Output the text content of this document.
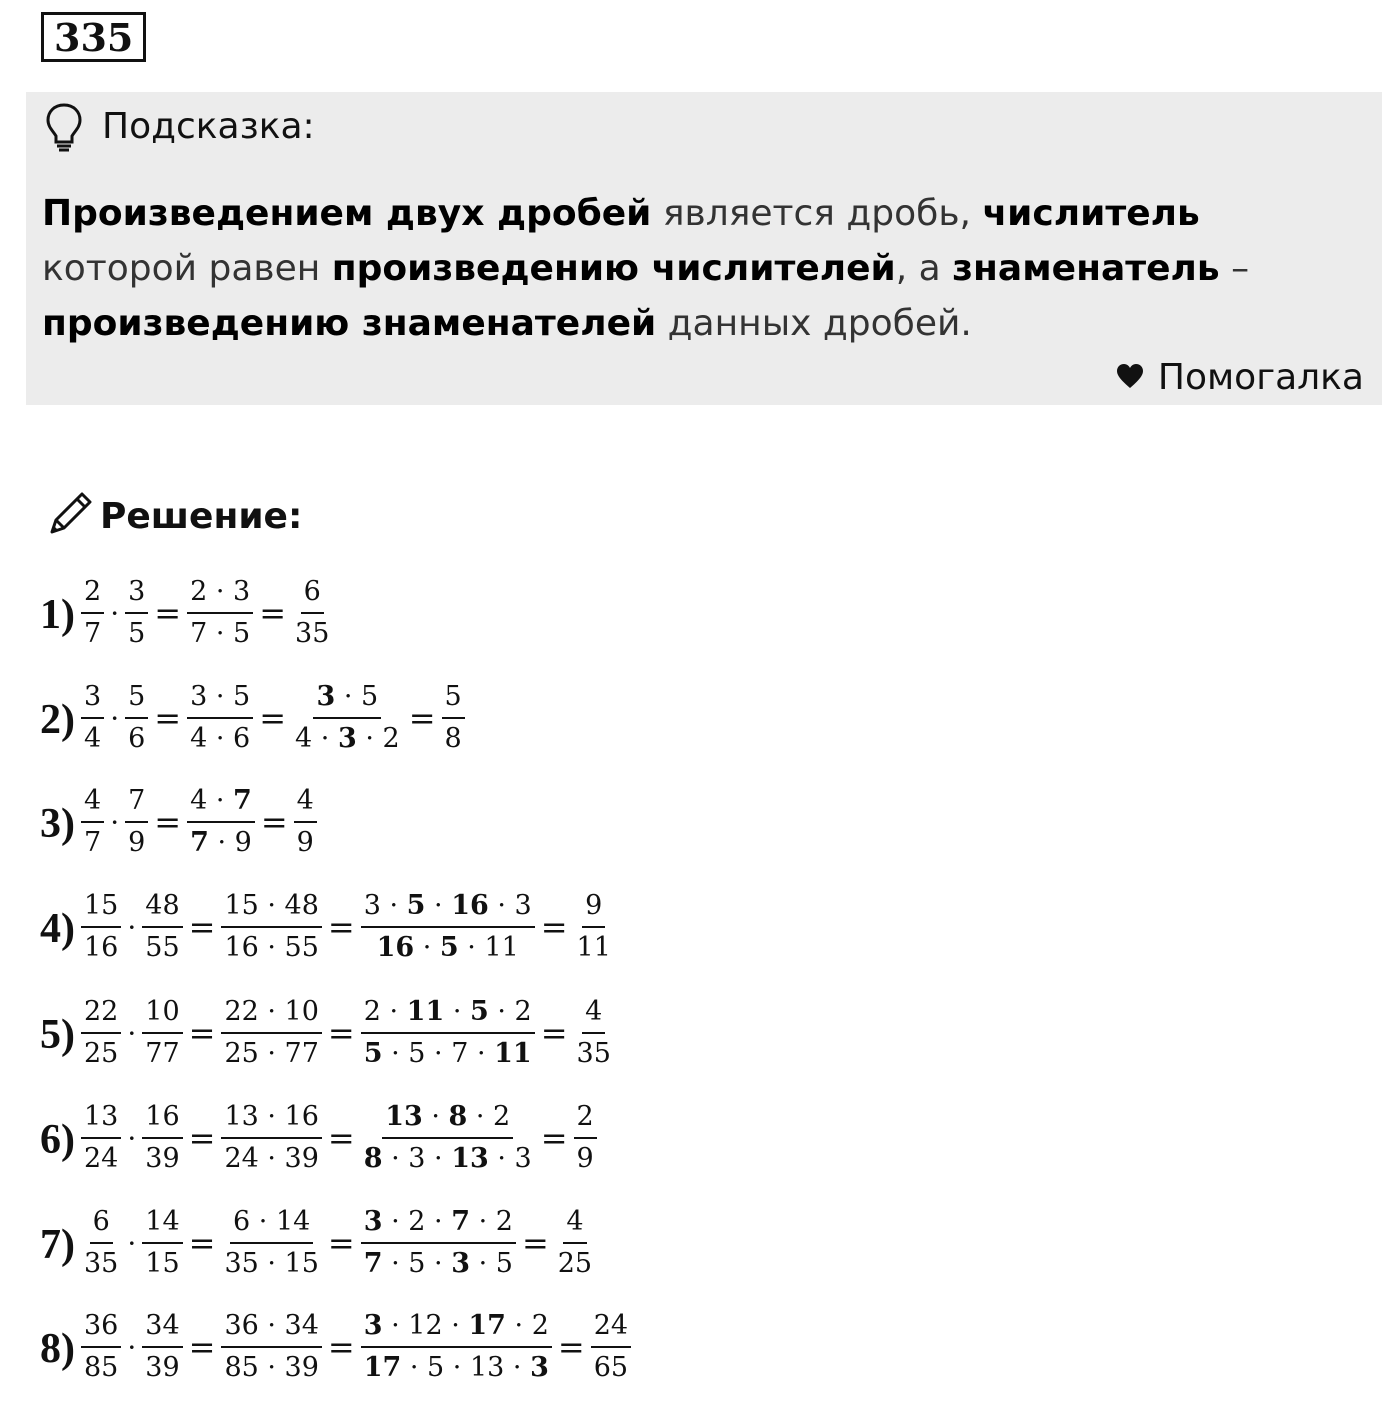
335
Подсказка:
Произведением двух дробей является дробь, числитель которой равен произведению числителей, а знаменатель – произведению знаменателей данных дробей.
Помогалка
Решение:
$1) \frac{2}{7} \cdot \frac{3}{5} = \frac{2 \cdot 3}{7 \cdot 5} = \frac{6}{35}$
$2) \frac{3}{4} \cdot \frac{5}{6} = \frac{3 \cdot 5}{4 \cdot 6} = \frac{3 \cdot 5}{4 \cdot 3 \cdot 2} = \frac{5}{8}$
$3) \frac{4}{7} \cdot \frac{7}{9} = \frac{4 \cdot 7}{7 \cdot 9} = \frac{4}{9}$
$4) \frac{15}{16} \cdot \frac{48}{55} = \frac{15 \cdot 48}{16 \cdot 55} = \frac{3 \cdot 5 \cdot 16 \cdot 3}{16 \cdot 5 \cdot 11} = \frac{9}{11}$
$5) \frac{22}{25} \cdot \frac{10}{77} = \frac{22 \cdot 10}{25 \cdot 77} = \frac{2 \cdot 11 \cdot 5 \cdot 2}{5 \cdot 5 \cdot 7 \cdot 11} = \frac{4}{35}$
$6) \frac{13}{24} \cdot \frac{16}{39} = \frac{13 \cdot 16}{24 \cdot 39} = \frac{13 \cdot 8 \cdot 2}{8 \cdot 3 \cdot 13 \cdot 3} = \frac{2}{9}$
$7) \frac{6}{35} \cdot \frac{14}{15} = \frac{6 \cdot 14}{35 \cdot 15} = \frac{3 \cdot 2 \cdot 7 \cdot 2}{7 \cdot 5 \cdot 3 \cdot 5} = \frac{4}{25}$
$8) \frac{36}{85} \cdot \frac{34}{39} = \frac{36 \cdot 34}{85 \cdot 39} = \frac{3 \cdot 12 \cdot 17 \cdot 2}{17 \cdot 5 \cdot 13 \cdot 3} = \frac{24}{65}$
